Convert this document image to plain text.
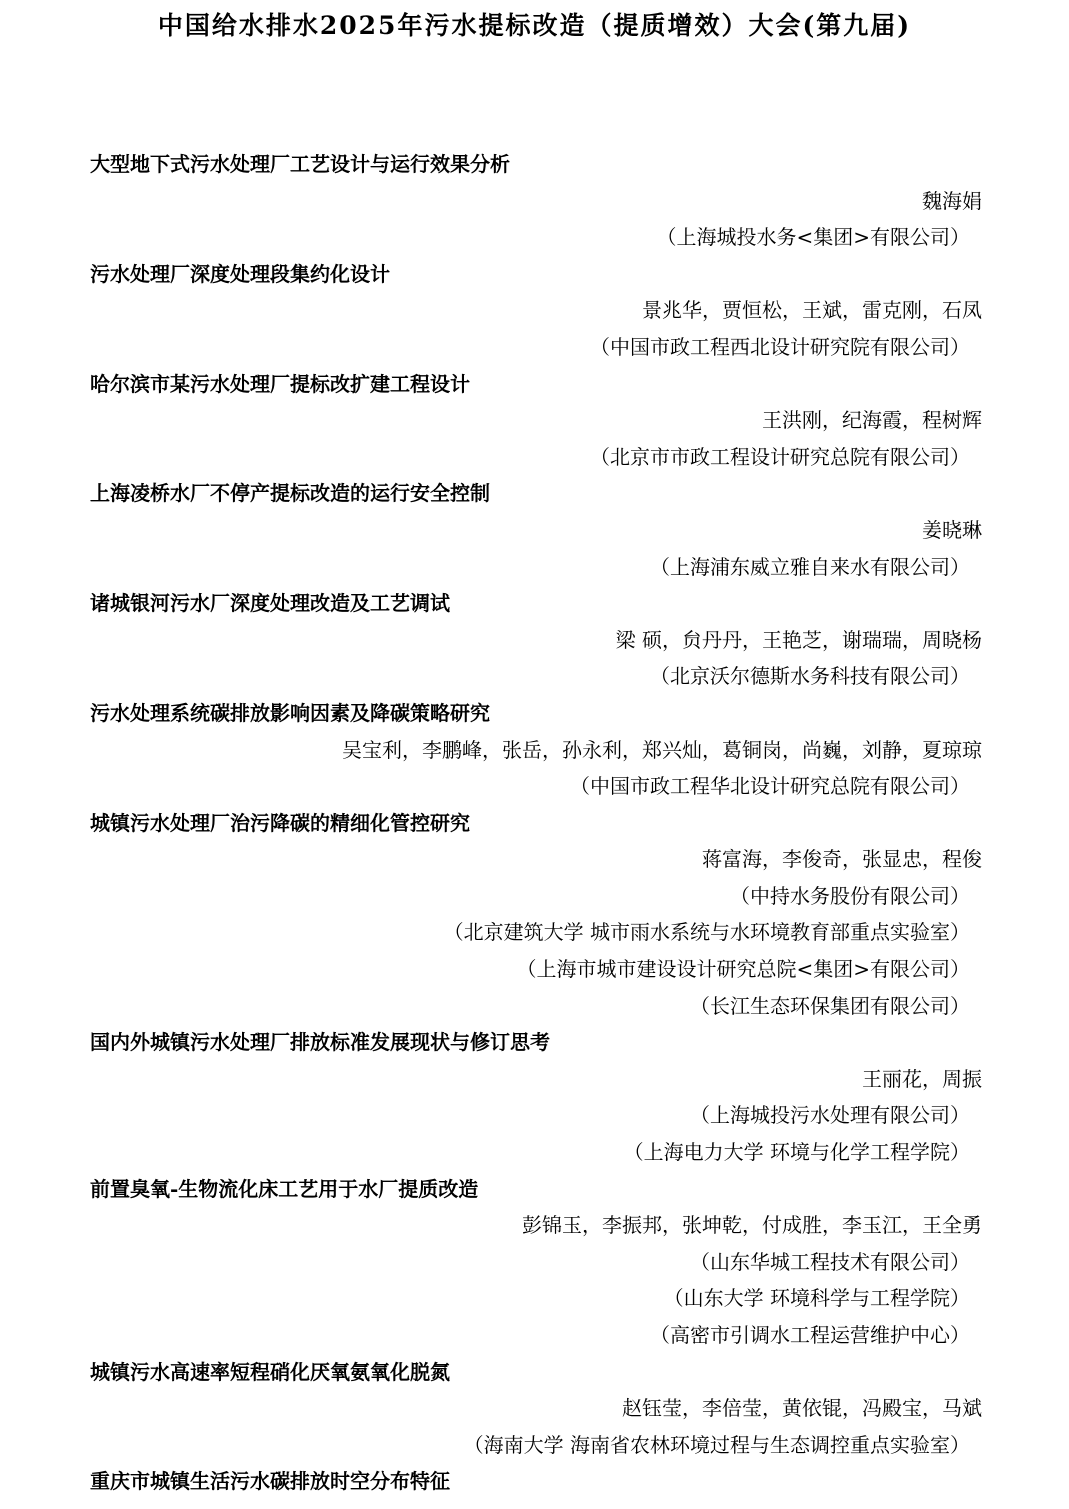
中国给水排水2025年污水提标改造（提质增效）大会(第九届)
大型地下式污水处理厂工艺设计与运行效果分析
魏海娟
（上海城投水务<集团>有限公司）
污水处理厂深度处理段集约化设计
景兆华，贾恒松，王斌，雷克刚，石凤
（中国市政工程西北设计研究院有限公司）
哈尔滨市某污水处理厂提标改扩建工程设计
王洪刚，纪海霞，程树辉
（北京市市政工程设计研究总院有限公司）
上海凌桥水厂不停产提标改造的运行安全控制
姜晓琳
（上海浦东威立雅自来水有限公司）
诸城银河污水厂深度处理改造及工艺调试
梁 硕，贠丹丹，王艳芝，谢瑞瑞，周晓杨
（北京沃尔德斯水务科技有限公司）
污水处理系统碳排放影响因素及降碳策略研究
吴宝利，李鹏峰，张岳，孙永利，郑兴灿，葛铜岗，尚巍，刘静，夏琼琼
（中国市政工程华北设计研究总院有限公司）
城镇污水处理厂治污降碳的精细化管控研究
蒋富海，李俊奇，张显忠，程俊
（中持水务股份有限公司）
（北京建筑大学 城市雨水系统与水环境教育部重点实验室）
（上海市城市建设设计研究总院<集团>有限公司）
（长江生态环保集团有限公司）
国内外城镇污水处理厂排放标准发展现状与修订思考
王丽花，周振
（上海城投污水处理有限公司）
（上海电力大学 环境与化学工程学院）
前置臭氧-生物流化床工艺用于水厂提质改造
彭锦玉，李振邦，张坤乾，付成胜，李玉江，王全勇
（山东华城工程技术有限公司）
（山东大学 环境科学与工程学院）
（高密市引调水工程运营维护中心）
城镇污水高速率短程硝化厌氧氨氧化脱氮
赵钰莹，李倍莹，黄依锟，冯殿宝，马斌
（海南大学 海南省农林环境过程与生态调控重点实验室）
重庆市城镇生活污水碳排放时空分布特征
